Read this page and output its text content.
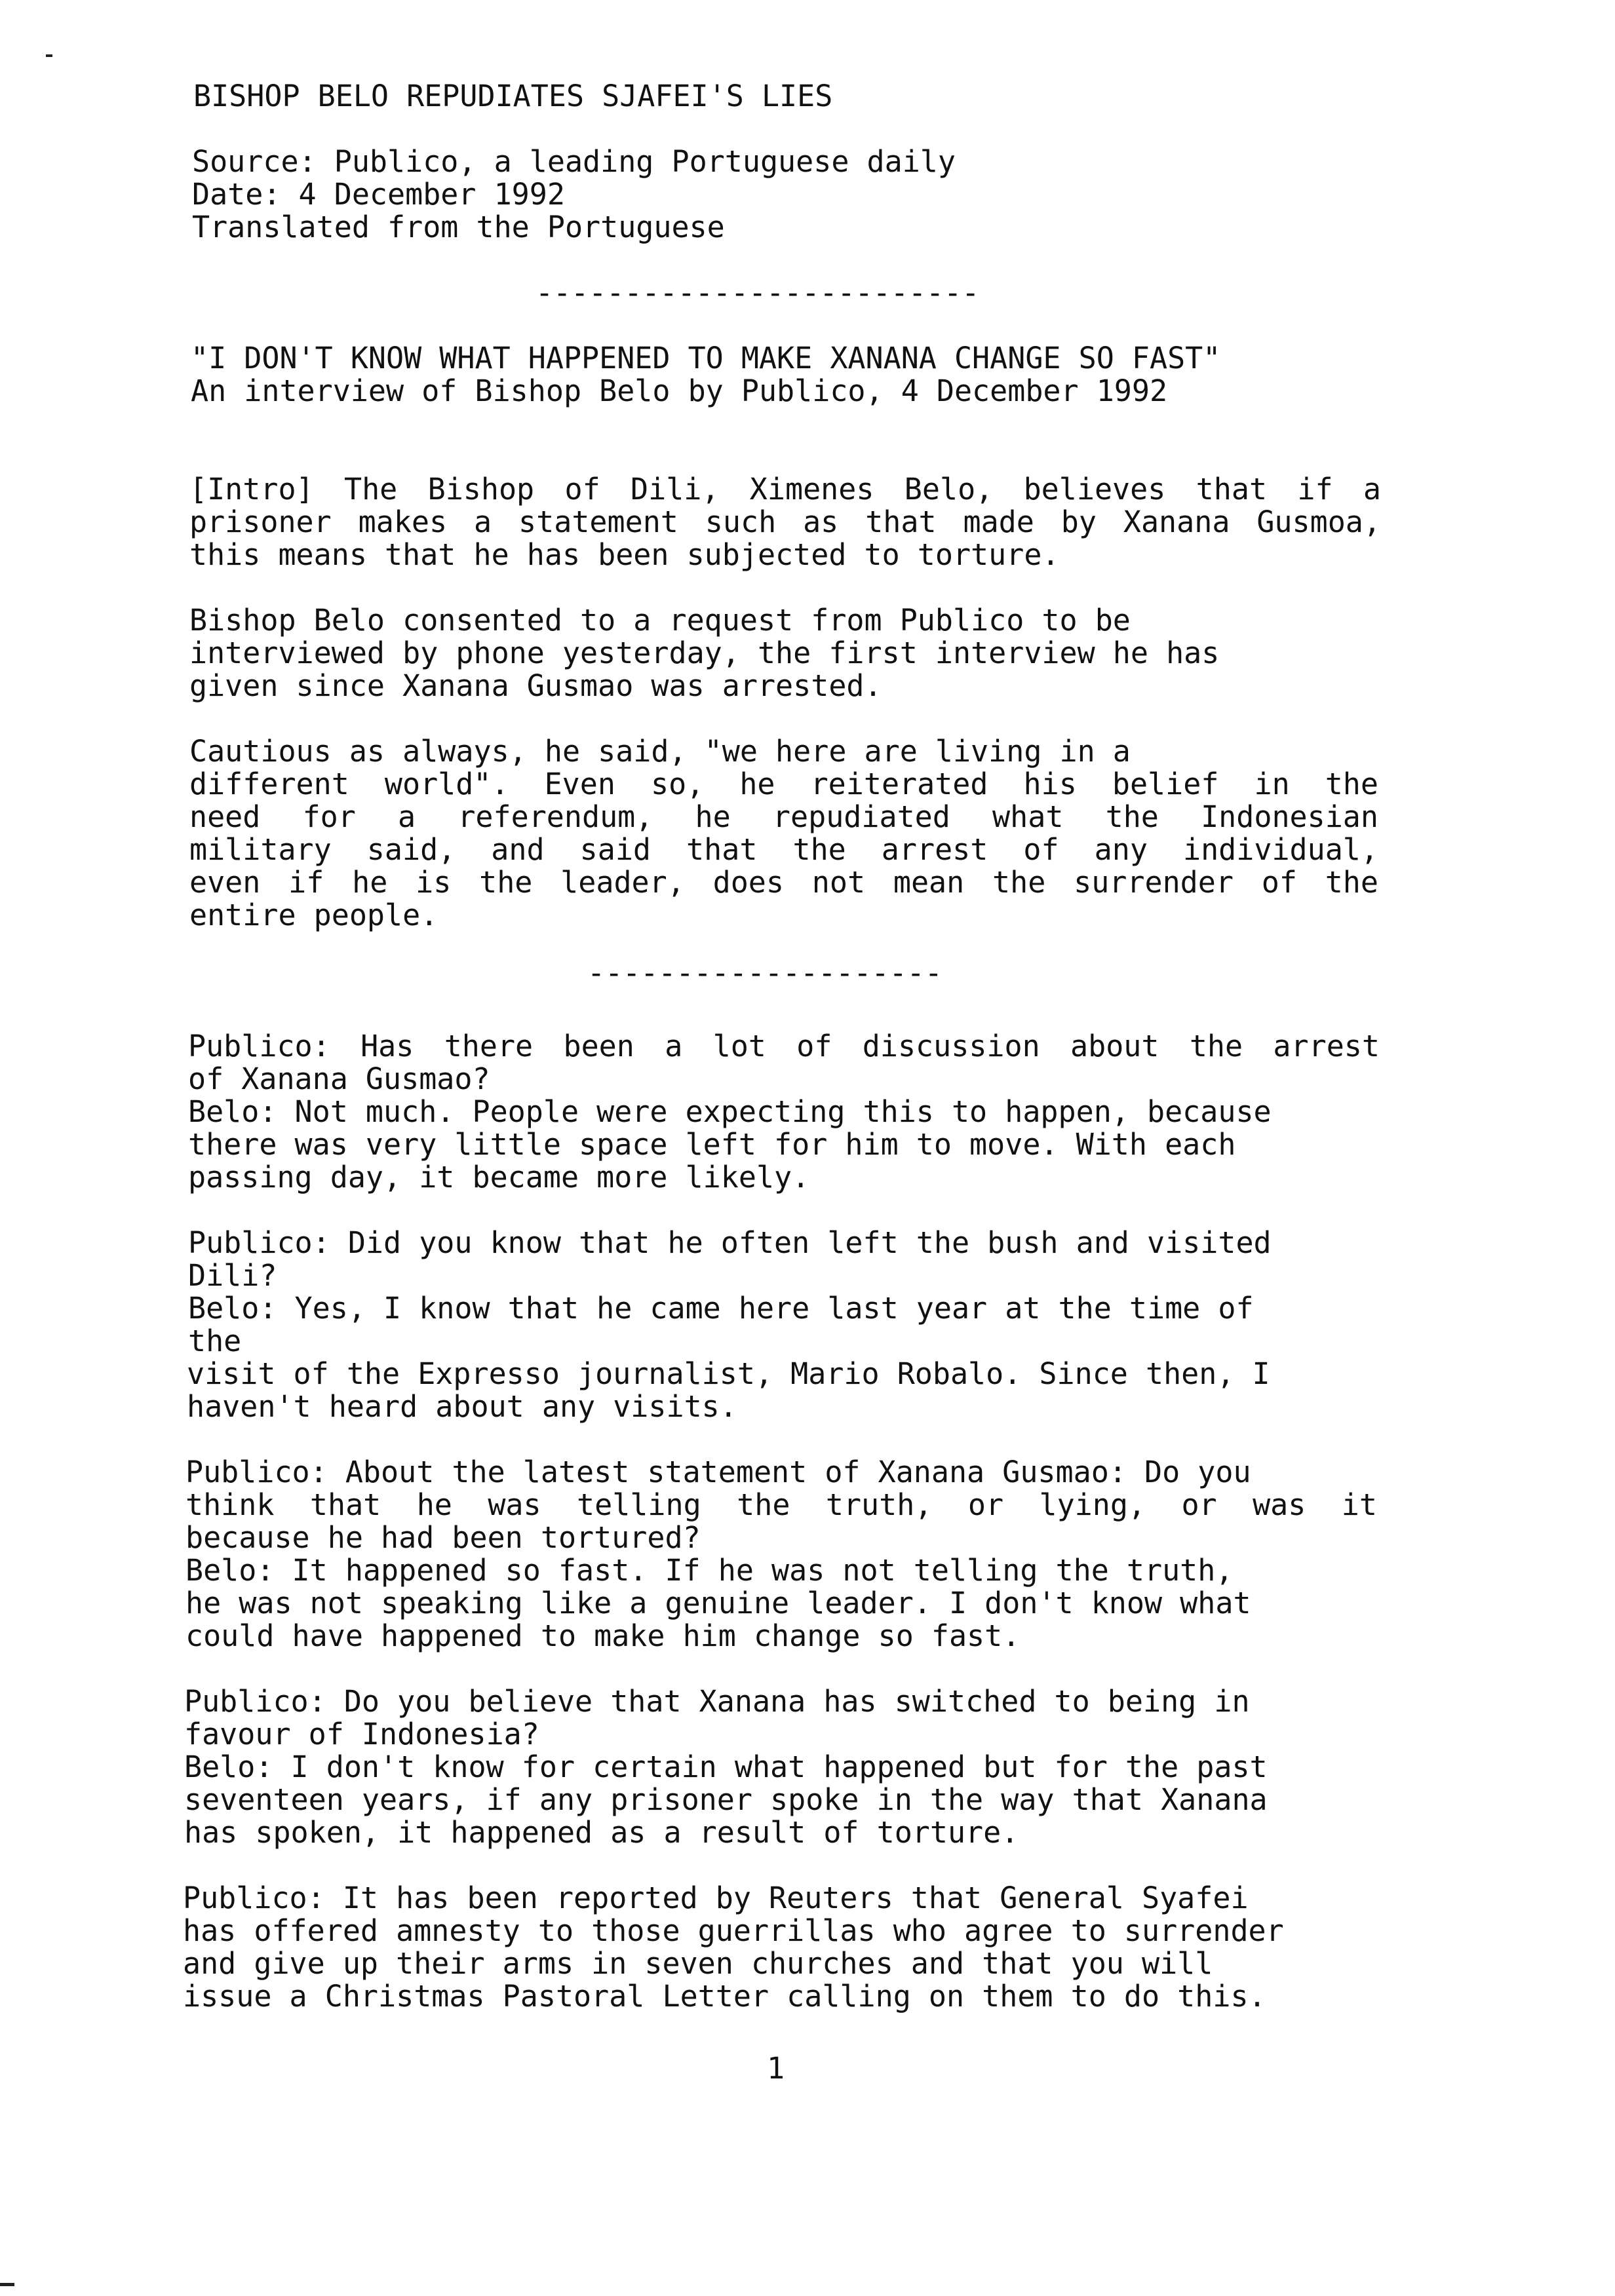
BISHOP BELO REPUDIATES SJAFEI'S LIES
Source: Publico, a leading Portuguese daily
Date: 4 December 1992
Translated from the Portuguese
-------------------------
"I DON'T KNOW WHAT HAPPENED TO MAKE XANANA CHANGE SO FAST"
An interview of Bishop Belo by Publico, 4 December 1992
[Intro] The Bishop of Dili, Ximenes Belo, believes that if a
prisoner makes a statement such as that made by Xanana Gusmoa,
this means that he has been subjected to torture.
Bishop Belo consented to a request from Publico to be
interviewed by phone yesterday, the first interview he has
given since Xanana Gusmao was arrested.
Cautious as always, he said, "we here are living in a
different world". Even so, he reiterated his belief in the
need for a referendum, he repudiated what the Indonesian
military said, and said that the arrest of any individual,
even if he is the leader, does not mean the surrender of the
entire people.
--------------------
Publico: Has there been a lot of discussion about the arrest
of Xanana Gusmao?
Belo: Not much. People were expecting this to happen, because
there was very little space left for him to move. With each
passing day, it became more likely.
Publico: Did you know that he often left the bush and visited
Dili?
Belo: Yes, I know that he came here last year at the time of
the
visit of the Expresso journalist, Mario Robalo. Since then, I
haven't heard about any visits.
Publico: About the latest statement of Xanana Gusmao: Do you
think that he was telling the truth, or lying, or was it
because he had been tortured?
Belo: It happened so fast. If he was not telling the truth,
he was not speaking like a genuine leader. I don't know what
could have happened to make him change so fast.
Publico: Do you believe that Xanana has switched to being in
favour of Indonesia?
Belo: I don't know for certain what happened but for the past
seventeen years, if any prisoner spoke in the way that Xanana
has spoken, it happened as a result of torture.
Publico: It has been reported by Reuters that General Syafei
has offered amnesty to those guerrillas who agree to surrender
and give up their arms in seven churches and that you will
issue a Christmas Pastoral Letter calling on them to do this.
1
